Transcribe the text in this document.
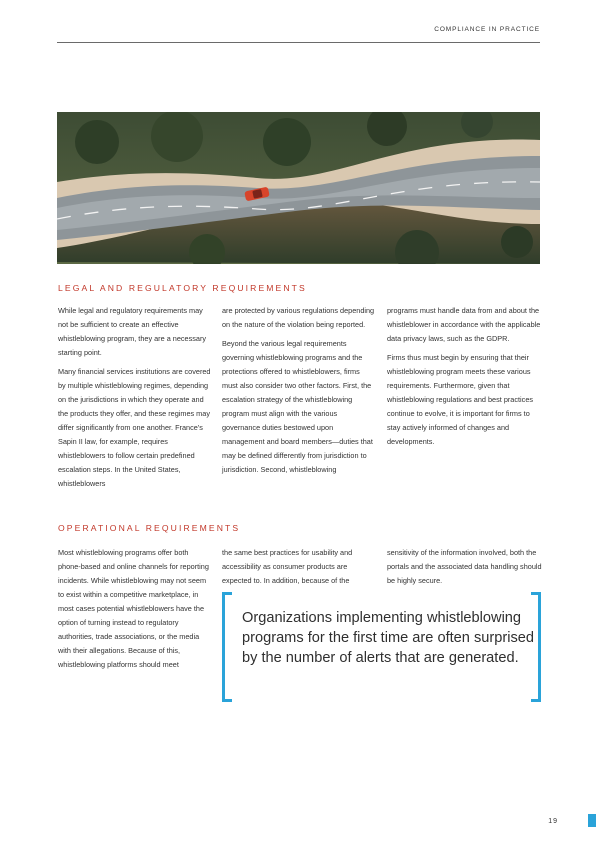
COMPLIANCE IN PRACTICE
LEGAL AND REGULATORY REQUIREMENTS

While legal and regulatory requirements may not be sufficient to create an effective whistleblowing program, they are a necessary starting point.

Many financial services institutions are covered by multiple whistleblowing regimes, depending on the jurisdictions in which they operate and the products they offer, and these regimes may differ significantly from one another. France’s Sapin II law, for example, requires whistleblowers to follow certain predefined escalation steps. In the United States, whistleblowers

are protected by various regulations depending on the nature of the violation being reported.

Beyond the various legal requirements governing whistleblowing programs and the protections offered to whistleblowers, firms must also consider two other factors. First, the escalation strategy of the whistleblowing program must align with the various governance duties bestowed upon management and board members—duties that may be defined differently from jurisdiction to jurisdiction. Second, whistleblowing

programs must handle data from and about the whistleblower in accordance with the applicable data privacy laws, such as the GDPR.

Firms thus must begin by ensuring that their whistleblowing program meets these various requirements. Furthermore, given that whistleblowing regulations and best practices continue to evolve, it is important for firms to stay actively informed of changes and developments.

OPERATIONAL REQUIREMENTS

Most whistleblowing programs offer both phone-based and online channels for reporting incidents. While whistleblowing may not seem to exist within a competitive marketplace, in most cases potential whistleblowers have the option of turning instead to regulatory authorities, trade associations, or the media with their allegations. Because of this, whistleblowing platforms should meet

the same best practices for usability and accessibility as consumer products are expected to. In addition, because of the

sensitivity of the information involved, both the portals and the associated data handling should be highly secure.

Organizations implementing whistleblowing programs for the first time are often surprised by the number of alerts that are generated.
19
